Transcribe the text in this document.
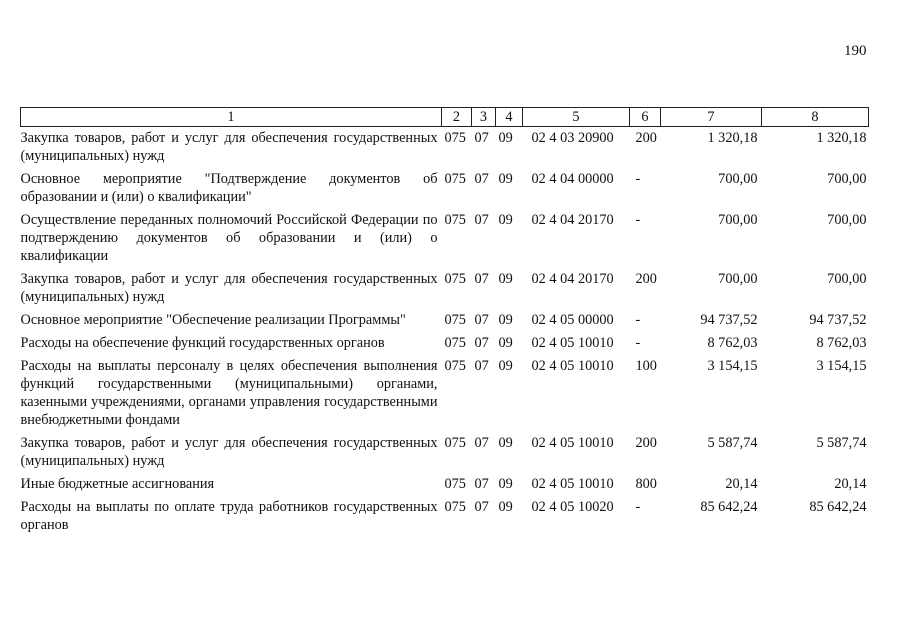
190
1	2	3	4	5	6	7	8
Закупка товаров, работ и услуг для обеспечения государственных (муниципальных) нужд	075	07	09	02 4 03 20900	200	1 320,18	1 320,18
Основное мероприятие "Подтверждение документов об образовании и (или) о квалификации"	075	07	09	02 4 04 00000	-	700,00	700,00
Осуществление переданных полномочий Российской Федерации по подтверждению документов об образовании и (или) о квалификации	075	07	09	02 4 04 20170	-	700,00	700,00
Закупка товаров, работ и услуг для обеспечения государственных (муниципальных) нужд	075	07	09	02 4 04 20170	200	700,00	700,00
Основное мероприятие "Обеспечение реализации Программы"	075	07	09	02 4 05 00000	-	94 737,52	94 737,52
Расходы на обеспечение функций государственных органов	075	07	09	02 4 05 10010	-	8 762,03	8 762,03
Расходы на выплаты персоналу в целях обеспечения выполнения функций государственными (муниципальными) органами, казенными учреждениями, органами управления государственными внебюджетными фондами	075	07	09	02 4 05 10010	100	3 154,15	3 154,15
Закупка товаров, работ и услуг для обеспечения государственных (муниципальных) нужд	075	07	09	02 4 05 10010	200	5 587,74	5 587,74
Иные бюджетные ассигнования	075	07	09	02 4 05 10010	800	20,14	20,14
Расходы на выплаты по оплате труда работников государственных органов	075	07	09	02 4 05 10020	-	85 642,24	85 642,24
